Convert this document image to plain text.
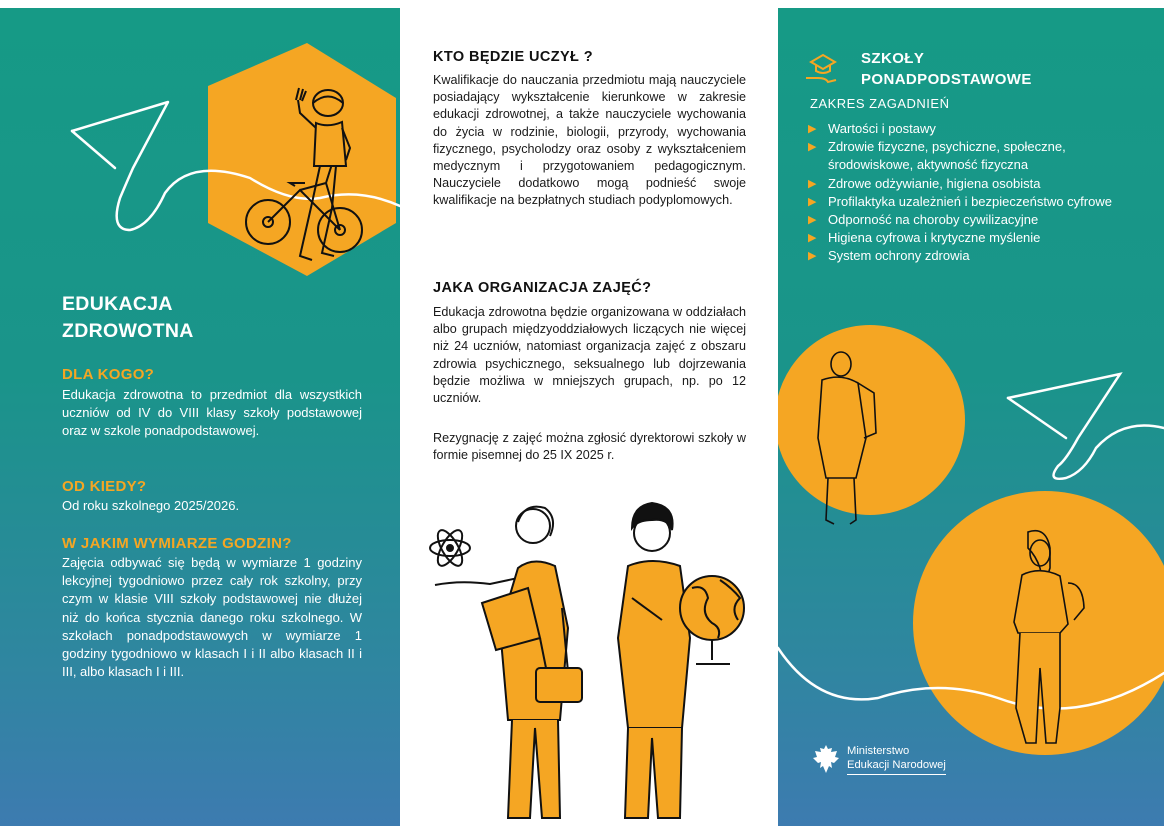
EDUKACJA
ZDROWOTNA
DLA KOGO?
Edukacja zdrowotna to przedmiot dla wszystkich uczniów od IV do VIII klasy szkoły podstawowej oraz w szkole ponadpodstawowej.
OD KIEDY?
Od roku szkolnego 2025/2026.
W JAKIM WYMIARZE GODZIN?
Zajęcia odbywać się będą w wymiarze 1 godziny lekcyjnej tygodniowo przez cały rok szkolny, przy czym w klasie VIII szkoły podstawowej nie dłużej niż do końca stycznia danego roku szkolnego. W szkołach ponadpodstawowych w wymiarze 1 godziny tygodniowo w klasach I i II albo klasach II i III, albo klasach I i III.
KTO BĘDZIE UCZYŁ ?
Kwalifikacje do nauczania przedmiotu mają nauczyciele posiadający wykształcenie kierunkowe w zakresie edukacji zdrowotnej, a także nauczyciele wychowania do życia w rodzinie, biologii, przyrody, wychowania fizycznego, psycholodzy oraz osoby z wykształceniem medycznym i przygotowaniem pedagogicznym. Nauczyciele dodatkowo mogą podnieść swoje kwalifikacje na bezpłatnych studiach podyplomowych.
JAKA ORGANIZACJA ZAJĘĆ?
Edukacja zdrowotna będzie organizowana w oddziałach albo grupach międzyoddziałowych liczących nie więcej niż 24 uczniów, natomiast organizacja zajęć z obszaru zdrowia psychicznego, seksualnego lub dojrzewania będzie możliwa w mniejszych grupach, np. po 12 uczniów.
Rezygnację z zajęć można zgłosić dyrektorowi szkoły w formie pisemnej do 25 IX 2025 r.
SZKOŁY
PONADPODSTAWOWE
ZAKRES ZAGADNIEŃ
▶ Wartości i postawy
▶ Zdrowie fizyczne, psychiczne, społeczne, środowiskowe, aktywność fizyczna
▶ Zdrowe odżywianie, higiena osobista
▶ Profilaktyka uzależnień i bezpieczeństwo cyfrowe
▶ Odporność na choroby cywilizacyjne
▶ Higiena cyfrowa i krytyczne myślenie
▶ System ochrony zdrowia
Ministerstwo
Edukacji Narodowej
